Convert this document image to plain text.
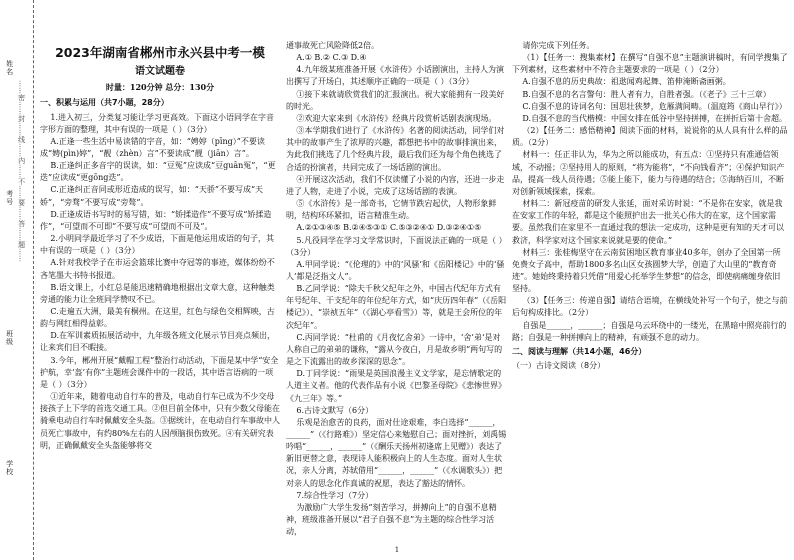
姓名
考号
班级
学校
……密……封……线……内……不……要……答……题……
2023年湖南省郴州市永兴县中考一模
语文试题卷
时量：120分钟 总分：130分
一、积累与运用（共7小题，28分）

1.进入初三，分类复习能让学习更高效。下面这小语同学在字音字形方面的整理，其中有误的一项是（ ）（3分）

A.正逢一些生活中易读错的字音，如：“娉婷（pīng）”不要读成“娉(pìn)婷”，“靓（zhèn）言”不要读成“靓（jiān）言”。

B.正逢纠正多音字的误读，如：“豆冤”应读成“豆guān冤”，“更迭”应读成“更gōng迭”。

C.正逢纠正音同或形近造成的误写，如：“天骄”不要写成“天娇”，“旁骛”不要写成“旁骜”。

D.正逢成语书写时的易写错，如：“矫揉造作”不要写成“矫揉造作”，“可望而不可即”不要写成“可望而不可及”。

2.小明同学最近学习了不少成语，下面是他运用成语的句子，其中有误的一项是（ ）（3分）

A.针对我校学子在市运会篮球比赛中夺冠等的事迹，媒体纷纷不吝笔墨大书特书报道。

B.语文课上，小红总是能迅速精确地根据出文章大意，这种触类旁通的能力让全班同学赞叹不已。

C.走遍五大洲，最美有桐州。在这里，红色与绿色交相辉映，古韵与网红相得益彰。

D.在军训素质拓展活动中，九年级各班文化展示节目亮点频出，让来宾们目不暇接。

3.今年，郴州开展“戴帽工程”整治行动活动，下面是某中学“安全护航，幸‘盔’有你”主题班会课件中的一段话，其中语言语病的一项是（ ）（3分）

①近年来，随着电动自行车的普及，电动自行车已成为不少交母接孩子上下学的首选交通工具。②但目前全体中，只有少数父母能在骑乘电动自行车时佩戴安全头盔。③据统计，在电动自行车事故中人员死亡事故中，有约80%左右的人因颅脑损伤致死。④有关研究表明，正确佩戴安全头盔能够将交

通事故死亡风险降低2倍。

A.① B.② C.③ D.④

4.九年级某班准备开展《水浒传》小话剧演出，主持人为演出撰写了开场白，其述顺序正确的一项是（ ）（3分）

①接下来就请欣赏我们的汇报演出。祝大家能拥有一段美好的时光。

②欢迎大家来到《水浒传》经典片段赏析话剧表演现场。

③本学期我们进行了《水浒传》名著的阅读活动，同学们对其中的故事产生了浓厚的兴趣，都想把书中的故事排演出来，为此我们挑选了几个经典片段，最后我们还为每个角色挑选了合适的扮演者，共同完成了一场话剧的演出。

④开展这次活动，我们不仅读懂了小说的内容，还进一步走进了人物，走进了小说，完成了这场话剧的表演。

⑤《水浒传》是一部奇书，它情节跌宕起伏，人物形象鲜明，结构环环紧扣，语言精准生动。

A.②①③④⑤ B.②④⑤③① C.⑤③②④① D.③②④①⑤

5.凡役同学在学习文学常识时，下面说法正确的一项是（ ）（3分）

A.甲同学说：“《伦理的》中的‘风骚’和《岳阳楼记》中的‘骚人’都是泛指文人”。

B.乙同学说：“除夫千秋父纪年之外，中国古代纪年方式有年号纪年、干支纪年的年位纪年方式，如“庆历四年春”（《岳阳楼记》）、“崇祯五年”（《湖心亭看雪》）等，就是王会所位的年次纪年”。

C.丙同学说：“杜甫的《月夜忆舍弟》一诗中，‘舍’弟‘是对人称自己的弟弟的谦称，“露从今夜白，月是故乡明”两句写的是之下流露出的故乡深深的思念”。

D.丁同学说：“雨果是英国浪漫主义文学家，是忘情歌定的人道主义者。他的代表作品有小说《巴黎圣母院》《悲惨世界》《九三年》等。”

6.古诗文默写（6分）

乐观是治愈苦的良药，面对仕途艰难，李白选择“______，______”（《行路难》）坚定信心来勉慰自己；面对挫折，刘禹锡吟唱“______，______”（《酬乐天扬州初逢席上见赠》）表达了新旧更替之意，表现诗人能积极向上的人生态度。面对人生状况，亲人分离，苏轼借用“______，______”（《水调歌头》）把对亲人的思念化作真诚的祝愿，表达了豁达的情怀。

7.综合性学习（7分）

为激励广大学生发扬“刻苦学习，拼搏向上”的自强不息精神，班级准备开展以“君子自强不息”为主题的综合性学习活动，

请你完成下列任务。

（1）【任务一：搜集素材】在撰写“自强不息”主题演讲稿时，有同学搜集了下列素材，这些素材中不符合主题要求的一项是（ ）（2分）

A.自强不息的历史典故：祖逖闻鸡起舞、笛伸淹断斋画粥。

B.自强不息的名言警句：胜人者有力，自胜者强。（《老子》三十三章）

C.自强不息的诗词名句：国思壮狭梦，危雁满间畴。（温庭筠《商山早行》）

D.自强不息的当代楷模：中国女排在低谷中坚持拼搏，在拼折后第十舍超。

（2）【任务二：感悟精神】阅读下面的材料，说说你的从人具有什么样的品质。（2分）

材料一：任正非认为，华为之所以能成功，有五点：①坚持只有准通信领域，不动摇；②坚持用人的原则，“将为能将”，“不向钱看齐”；④保护知识产品，提高一线人员待遇；⑤能上能下，能力与待遇的结合；⑤海纳百川，不断对创新领域探索，探索。

材料二：新冠疫苗的研发人张延，面对采访时说：“不是你在安家，就是我在安家工作的年轻，都是这个能照护出去一批关心伟大的在家，这个国家需要。虽然我们在家里不一直通过我的想法一定成功，这种是更有知的天才可以救济，科学家对这个国家来说就是要的使命。”

材料三：张桂梅坚守在云南贫困地区教育事业40多年，创办了全国第一所免费女子高中，帮助1800多名山区女孩圆梦大学，创造了大山里的“教育奇迹”。她始终秉持着只凭借“用爱心托举学生梦想”的信念，即使病痛缠身依旧坚持。

（3）【任务三：传递自强】请结合语境，在横线处补写一个句子，使之与前后句构成排比。（2分）

自强是______，______；自强是乌云环绕中的一缕光，在黑暗中照亮前行的路；自强是一种拼搏向上的精神，有顽强不息的动力。

二、阅读与理解（共14小题，46分）
（一）古诗文阅读（8分）
1
